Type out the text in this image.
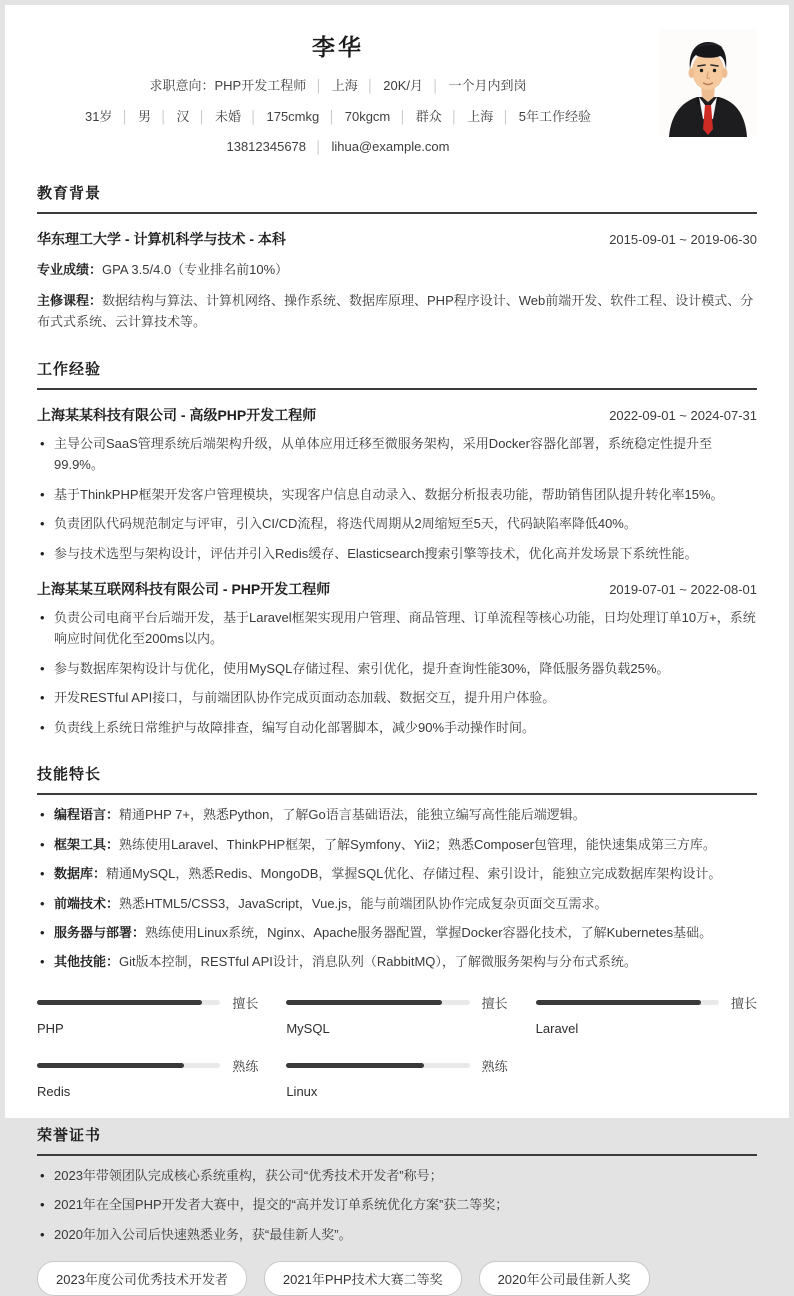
李华
求职意向：PHP开发工程师 │ 上海 │ 20K/月 │ 一个月内到岗
31岁 │ 男 │ 汉 │ 未婚 │ 175cmkg │ 70kgcm │ 群众 │ 上海 │ 5年工作经验
13812345678 │ lihua@example.com
教育背景
华东理工大学 - 计算机科学与技术 - 本科	2015-09-01 ~ 2019-06-30
专业成绩：GPA 3.5/4.0（专业排名前10%）
主修课程：数据结构与算法、计算机网络、操作系统、数据库原理、PHP程序设计、Web前端开发、软件工程、设计模式、分布式式系统、云计算技术等。
工作经验
上海某某科技有限公司 - 高级PHP开发工程师	2022-09-01 ~ 2024-07-31
• 主导公司SaaS管理系统后端架构升级，从单体应用迁移至微服务架构，采用Docker容器化部署，系统稳定性提升至99.9%。
• 基于ThinkPHP框架开发客户管理模块，实现客户信息自动录入、数据分析报表功能，帮助销售团队提升转化率15%。
• 负责团队代码规范制定与评审，引入CI/CD流程，将迭代周期从2周缩短至5天，代码缺陷率降低40%。
• 参与技术选型与架构设计，评估并引入Redis缓存、Elasticsearch搜索引擎等技术，优化高并发场景下系统性能。
上海某某互联网科技有限公司 - PHP开发工程师	2019-07-01 ~ 2022-08-01
• 负责公司电商平台后端开发，基于Laravel框架实现用户管理、商品管理、订单流程等核心功能，日均处理订单10万+，系统响应时间优化至200ms以内。
• 参与数据库架构设计与优化，使用MySQL存储过程、索引优化，提升查询性能30%，降低服务器负载25%。
• 开发RESTful API接口，与前端团队协作完成页面动态加载、数据交互，提升用户体验。
• 负责线上系统日常维护与故障排查，编写自动化部署脚本，减少90%手动操作时间。
技能特长
• 编程语言：精通PHP 7+，熟悉Python，了解Go语言基础语法，能独立编写高性能后端逻辑。
• 框架工具：熟练使用Laravel、ThinkPHP框架，了解Symfony、Yii2；熟悉Composer包管理，能快速集成第三方库。
• 数据库：精通MySQL，熟悉Redis、MongoDB，掌握SQL优化、存储过程、索引设计，能独立完成数据库架构设计。
• 前端技术：熟悉HTML5/CSS3，JavaScript，Vue.js，能与前端团队协作完成复杂页面交互需求。
• 服务器与部署：熟练使用Linux系统，Nginx、Apache服务器配置，掌握Docker容器化技术，了解Kubernetes基础。
• 其他技能：Git版本控制，RESTful API设计，消息队列（RabbitMQ），了解微服务架构与分布式系统。
擅长
PHP
擅长
MySQL
擅长
Laravel
熟练
Redis
熟练
Linux
荣誉证书
• 2023年带领团队完成核心系统重构，获公司“优秀技术开发者”称号；
• 2021年在全国PHP开发者大赛中，提交的“高并发订单系统优化方案”获二等奖；
• 2020年加入公司后快速熟悉业务，获“最佳新人奖”。
2023年度公司优秀技术开发者	2021年PHP技术大赛二等奖	2020年公司最佳新人奖
